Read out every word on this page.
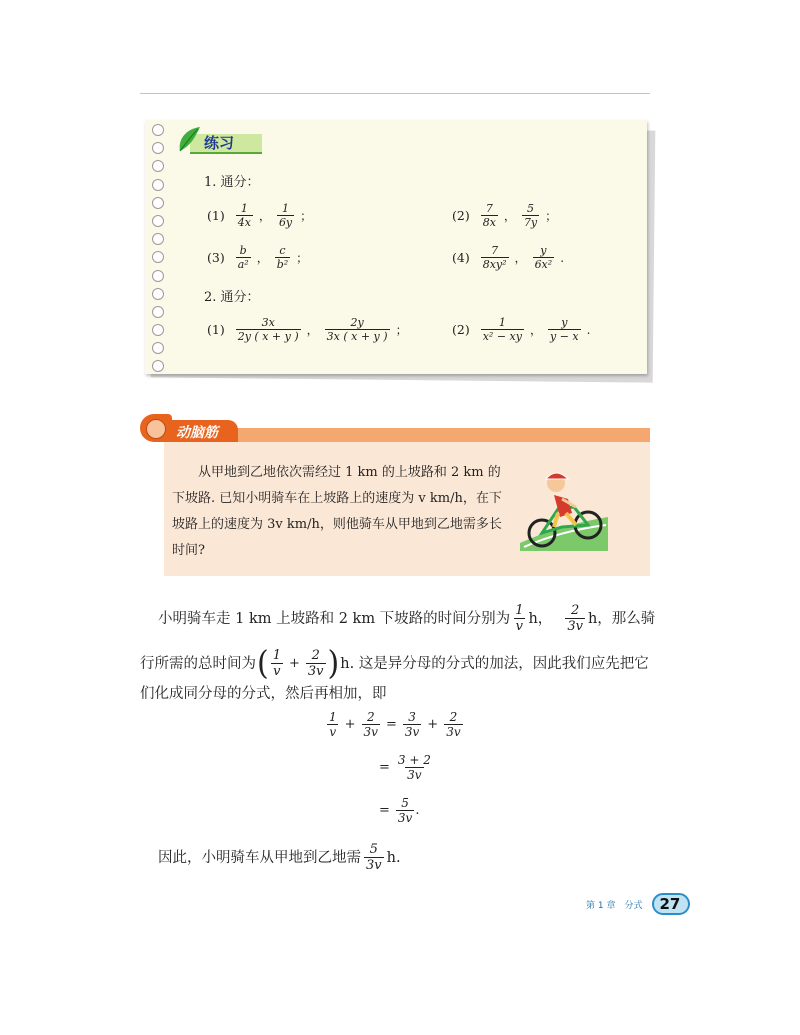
练习
1. 通分：
$(1) \frac{1}{4x}$ ， $\frac{1}{6y}$ ；	$(2) \frac{7}{8x}$ ， $\frac{5}{7y}$ ；
$(3) \frac{b}{\text{a²}}$ ， $\frac{c}{\text{b²}}$ ；	$(4) \frac{7}{\text{8xy²}}$ ， $\frac{y}{\text{6x²}}$ .
2. 通分：
$(1) \frac{3x}{2y ( x + y )}$ ， $\frac{2y}{3x ( x + y )}$ ；	$(2) \frac{1}{\text{x² − xy}}$ ， $\frac{y}{y - x}$ .
动脑筋
从甲地到乙地依次需经过 1 km 的上坡路和 2 km 的下坡路. 已知小明骑车在上坡路上的速度为 v km/h，在下坡路上的速度为 3v km/h，则他骑车从甲地到乙地需多长时间?
小明骑车走 1 km 上坡路和 2 km 下坡路的时间分别为 $\frac{1}{v}$ h， $\frac{2}{3v}$ h，那么骑
行所需的总时间为 ( $\frac{1}{v} + \frac{2}{3v}$ ) h. 这是异分母的分式的加法，因此我们应先把它
们化成同分母的分式，然后再相加，即
$\frac{1}{v} + \frac{2}{3v} = \frac{3}{3v} + \frac{2}{3v}$
= $\frac{3 + 2}{3v}$
= $\frac{5}{3v}$ .
因此，小明骑车从甲地到乙地需 $\frac{5}{3v} h$.
第 1 章　分式 27
